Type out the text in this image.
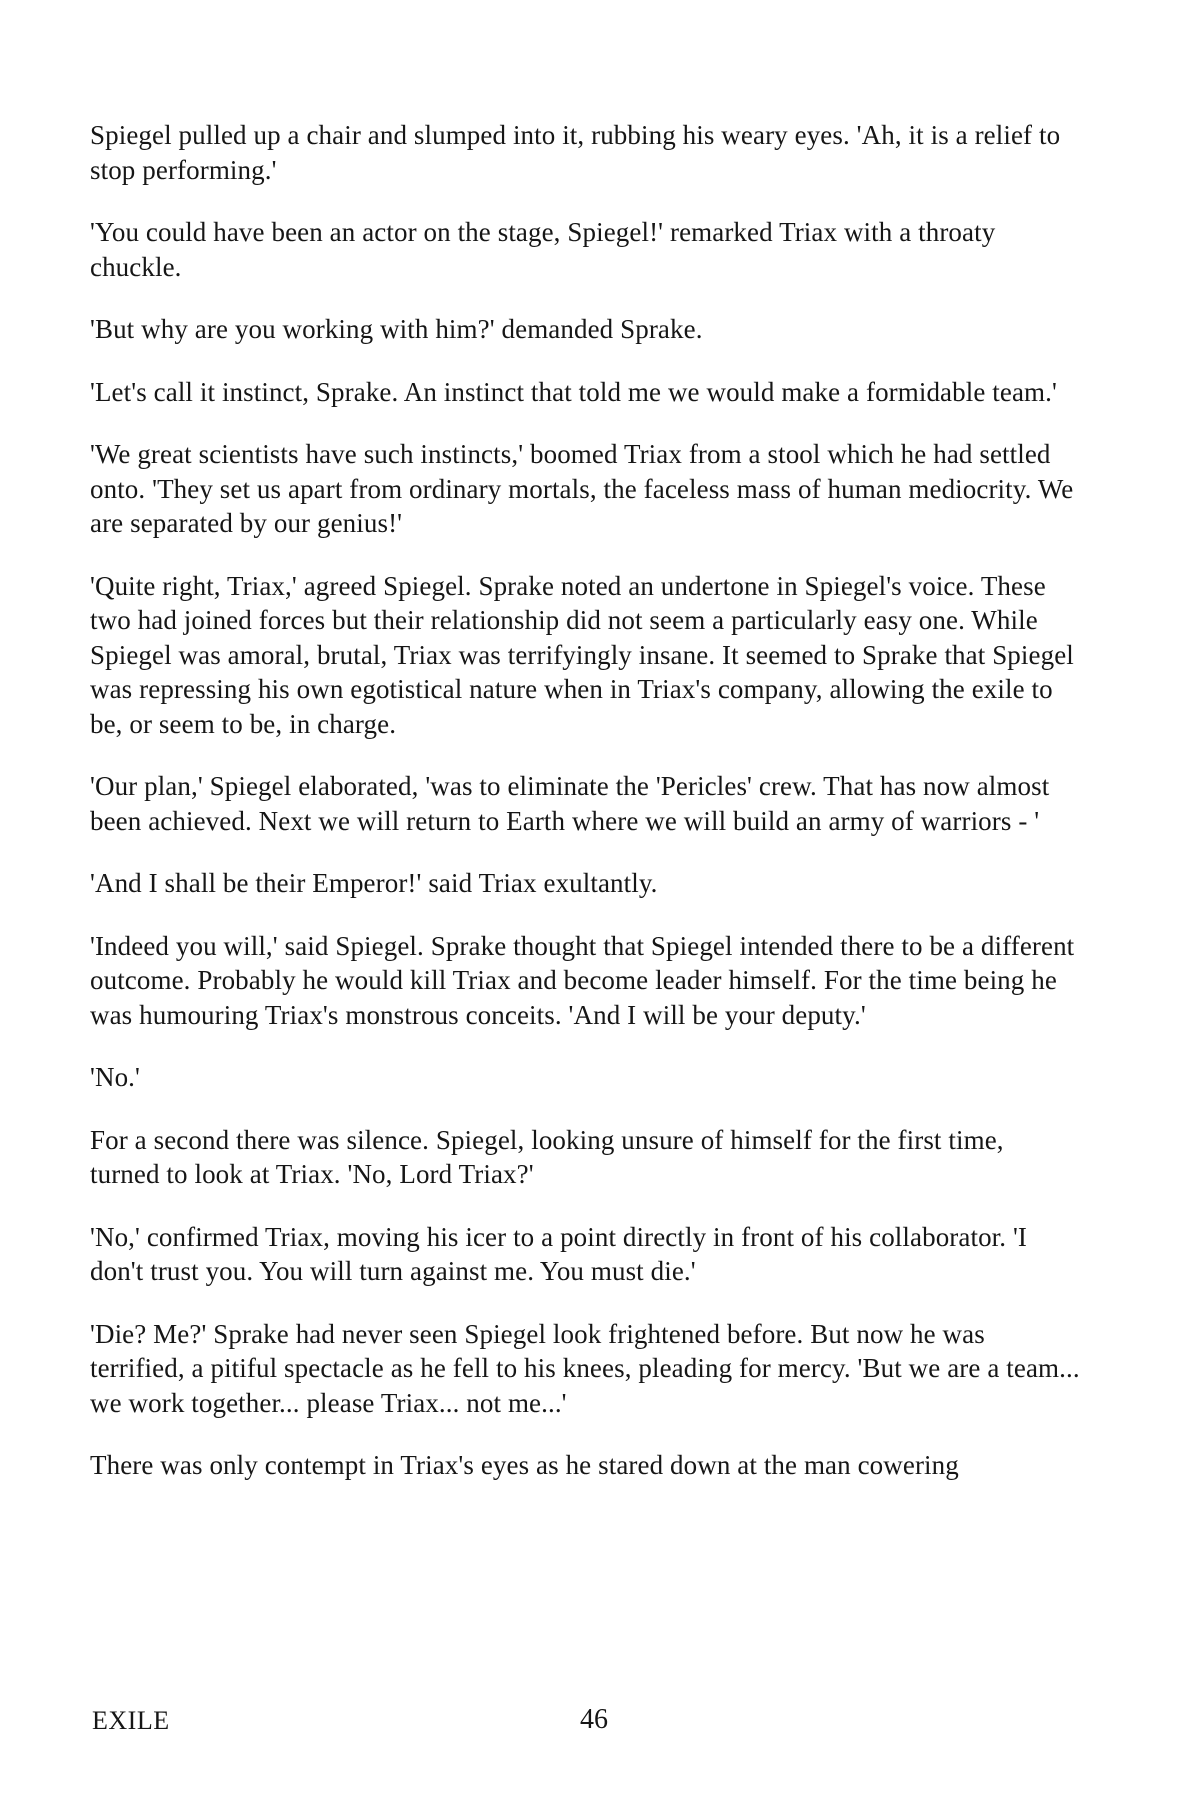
Spiegel pulled up a chair and slumped into it, rubbing his weary eyes. 'Ah, it is a relief to stop performing.'

'You could have been an actor on the stage, Spiegel!' remarked Triax with a throaty chuckle.

'But why are you working with him?' demanded Sprake.

'Let's call it instinct, Sprake. An instinct that told me we would make a formidable team.'

'We great scientists have such instincts,' boomed Triax from a stool which he had settled onto. 'They set us apart from ordinary mortals, the faceless mass of human mediocrity. We are separated by our genius!'

'Quite right, Triax,' agreed Spiegel. Sprake noted an undertone in Spiegel's voice. These two had joined forces but their relationship did not seem a particularly easy one. While Spiegel was amoral, brutal, Triax was terrifyingly insane. It seemed to Sprake that Spiegel was repressing his own egotistical nature when in Triax's company, allowing the exile to be, or seem to be, in charge.

'Our plan,' Spiegel elaborated, 'was to eliminate the 'Pericles' crew. That has now almost been achieved. Next we will return to Earth where we will build an army of warriors - '

'And I shall be their Emperor!' said Triax exultantly.

'Indeed you will,' said Spiegel. Sprake thought that Spiegel intended there to be a different outcome. Probably he would kill Triax and become leader himself. For the time being he was humouring Triax's monstrous conceits. 'And I will be your deputy.'

'No.'

For a second there was silence. Spiegel, looking unsure of himself for the first time, turned to look at Triax. 'No, Lord Triax?'

'No,' confirmed Triax, moving his icer to a point directly in front of his collaborator. 'I don't trust you. You will turn against me. You must die.'

'Die? Me?' Sprake had never seen Spiegel look frightened before. But now he was terrified, a pitiful spectacle as he fell to his knees, pleading for mercy. 'But we are a team... we work together... please Triax... not me...'

There was only contempt in Triax's eyes as he stared down at the man cowering

EXILE	46
